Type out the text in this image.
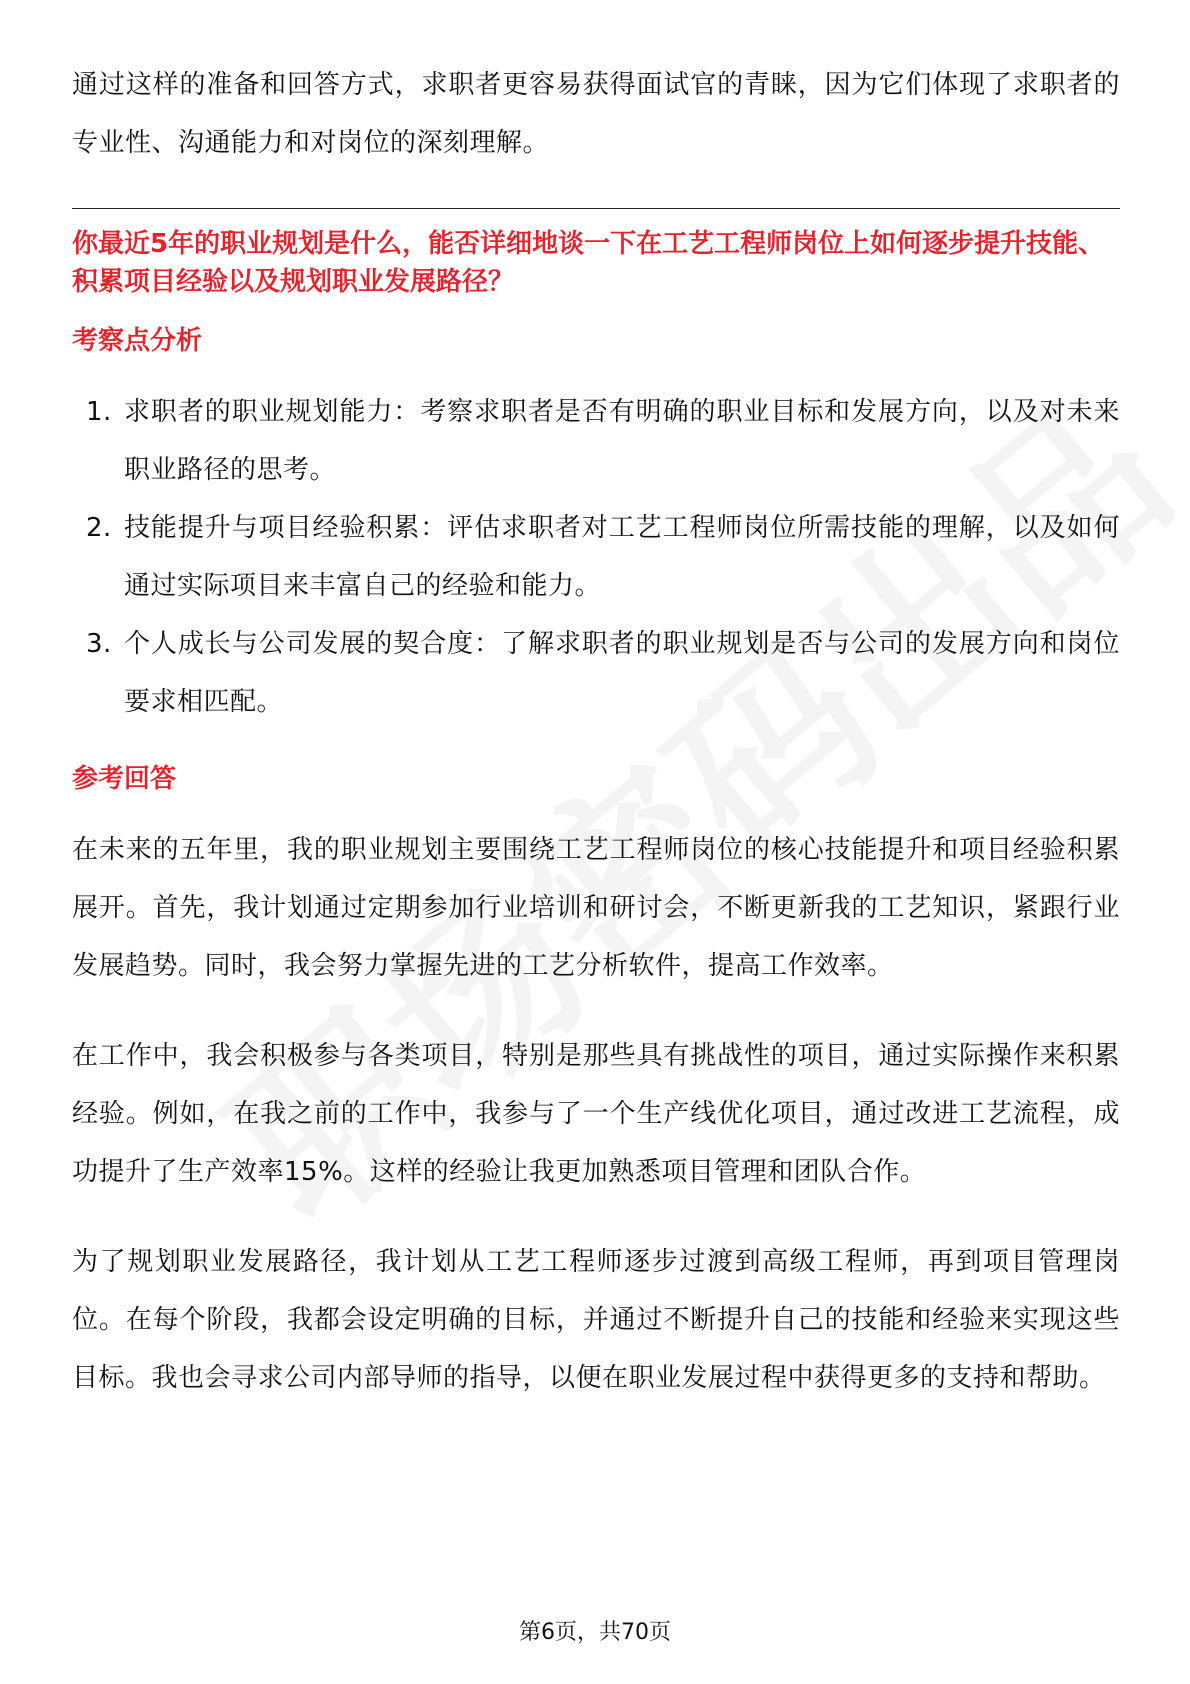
通过这样的准备和回答方式，求职者更容易获得面试官的青睐，因为它们体现了求职者的专业性、沟通能力和对岗位的深刻理解。

你最近5年的职业规划是什么，能否详细地谈一下在工艺工程师岗位上如何逐步提升技能、积累项目经验以及规划职业发展路径？

考察点分析

1. 求职者的职业规划能力：考察求职者是否有明确的职业目标和发展方向，以及对未来职业路径的思考。
2. 技能提升与项目经验积累：评估求职者对工艺工程师岗位所需技能的理解，以及如何通过实际项目来丰富自己的经验和能力。
3. 个人成长与公司发展的契合度：了解求职者的职业规划是否与公司的发展方向和岗位要求相匹配。

参考回答

在未来的五年里，我的职业规划主要围绕工艺工程师岗位的核心技能提升和项目经验积累展开。首先，我计划通过定期参加行业培训和研讨会，不断更新我的工艺知识，紧跟行业发展趋势。同时，我会努力掌握先进的工艺分析软件，提高工作效率。

在工作中，我会积极参与各类项目，特别是那些具有挑战性的项目，通过实际操作来积累经验。例如，在我之前的工作中，我参与了一个生产线优化项目，通过改进工艺流程，成功提升了生产效率15%。这样的经验让我更加熟悉项目管理和团队合作。

为了规划职业发展路径，我计划从工艺工程师逐步过渡到高级工程师，再到项目管理岗位。在每个阶段，我都会设定明确的目标，并通过不断提升自己的技能和经验来实现这些目标。我也会寻求公司内部导师的指导，以便在职业发展过程中获得更多的支持和帮助。

第6页，共70页
